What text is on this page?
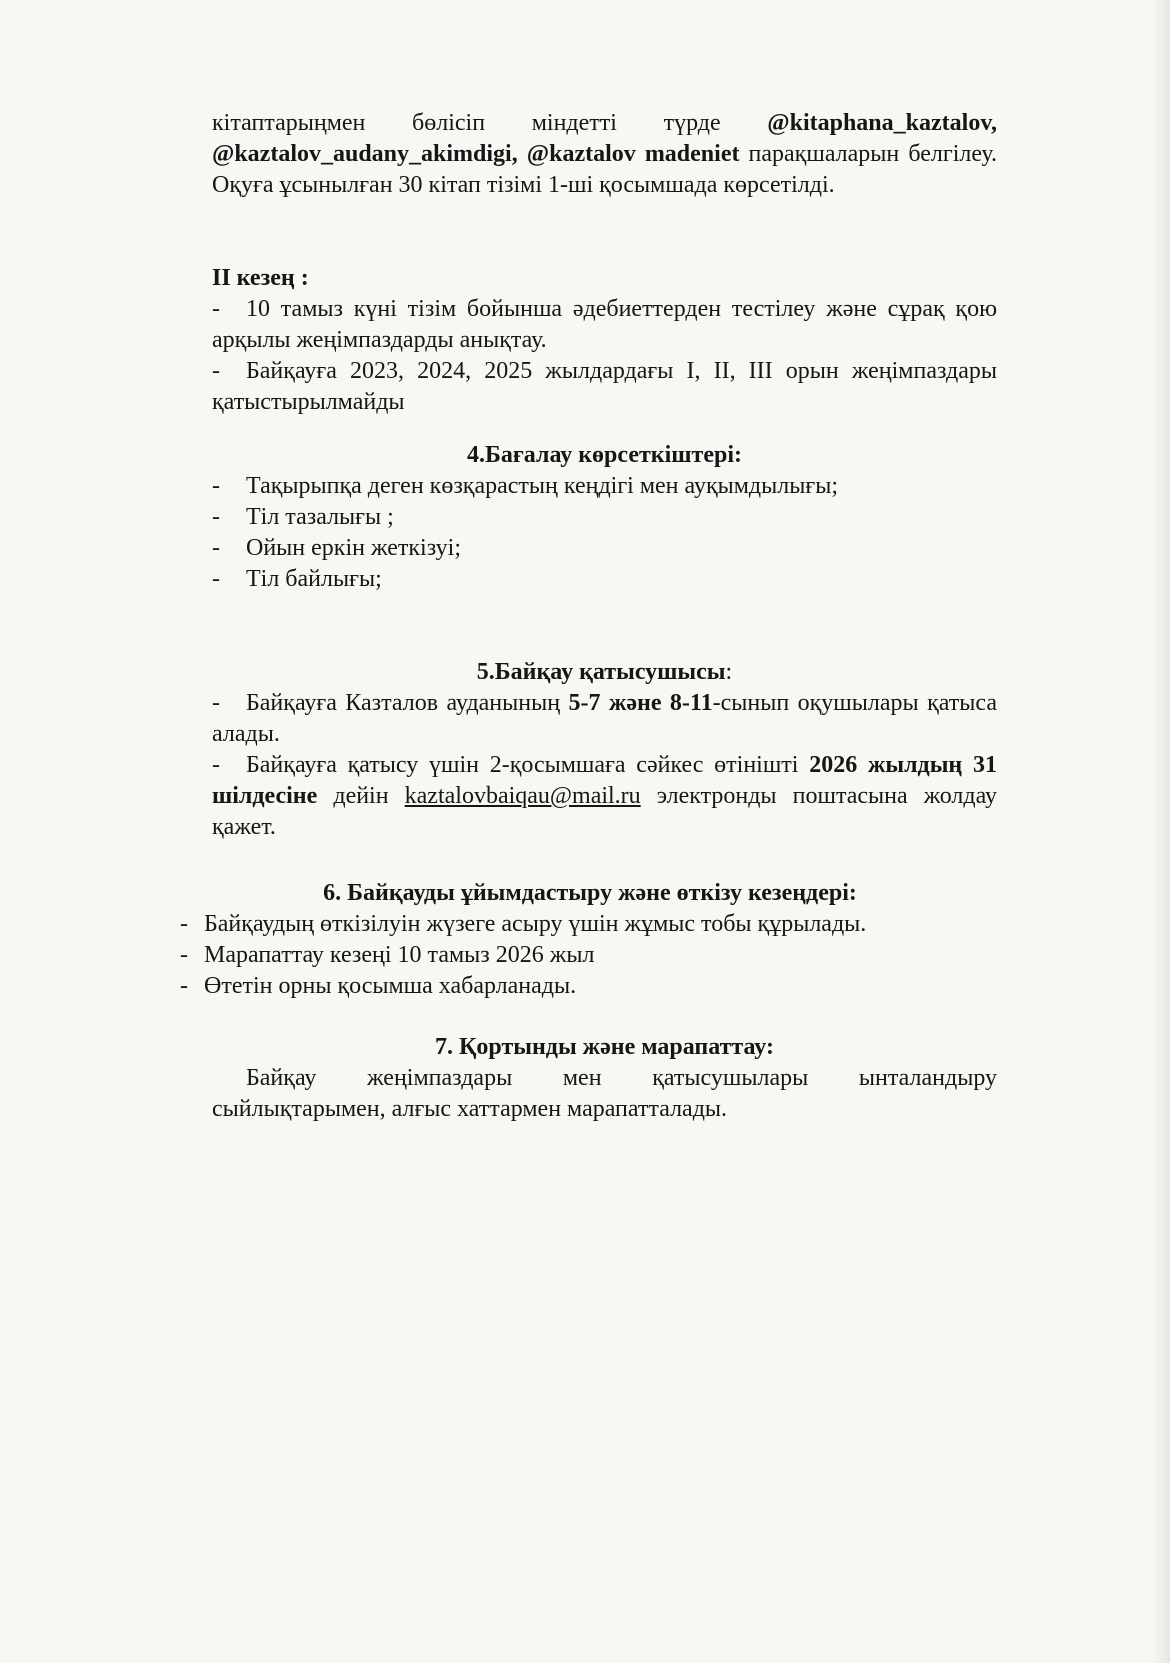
кітаптарыңмен бөлісіп міндетті түрде @kitaphana_kaztalov, @kaztalov_audany_akimdigi, @kaztalov madeniet парақшаларын белгілеу. Оқуға ұсынылған 30 кітап тізімі 1-ші қосымшада көрсетілді.
II кезең :
- 10 тамыз күні тізім бойынша әдебиеттерден тестілеу және сұрақ қою арқылы жеңімпаздарды анықтау.
- Байқауға 2023, 2024, 2025 жылдардағы I, II, III орын жеңімпаздары қатыстырылмайды
4.Бағалау көрсеткіштері:
- Тақырыпқа деген көзқарастың кеңдігі мен ауқымдылығы;
- Тіл тазалығы ;
- Ойын еркін жеткізуі;
- Тіл байлығы;
5.Байқау қатысушысы:
- Байқауға Казталов ауданының 5-7 және 8-11-сынып оқушылары қатыса алады.
- Байқауға қатысу үшін 2-қосымшаға сәйкес өтінішті 2026 жылдың 31 шілдесіне дейін kaztalovbaiqau@mail.ru электронды поштасына жолдау қажет.
6. Байқауды ұйымдастыру және өткізу кезеңдері:
- Байқаудың өткізілуін жүзеге асыру үшін жұмыс тобы құрылады.
- Марапаттау кезеңі 10 тамыз 2026 жыл
- Өтетін орны қосымша хабарланады.
7. Қортынды және марапаттау:
Байқау жеңімпаздары мен қатысушылары ынталандыру сыйлықтарымен, алғыс хаттармен марапатталады.
